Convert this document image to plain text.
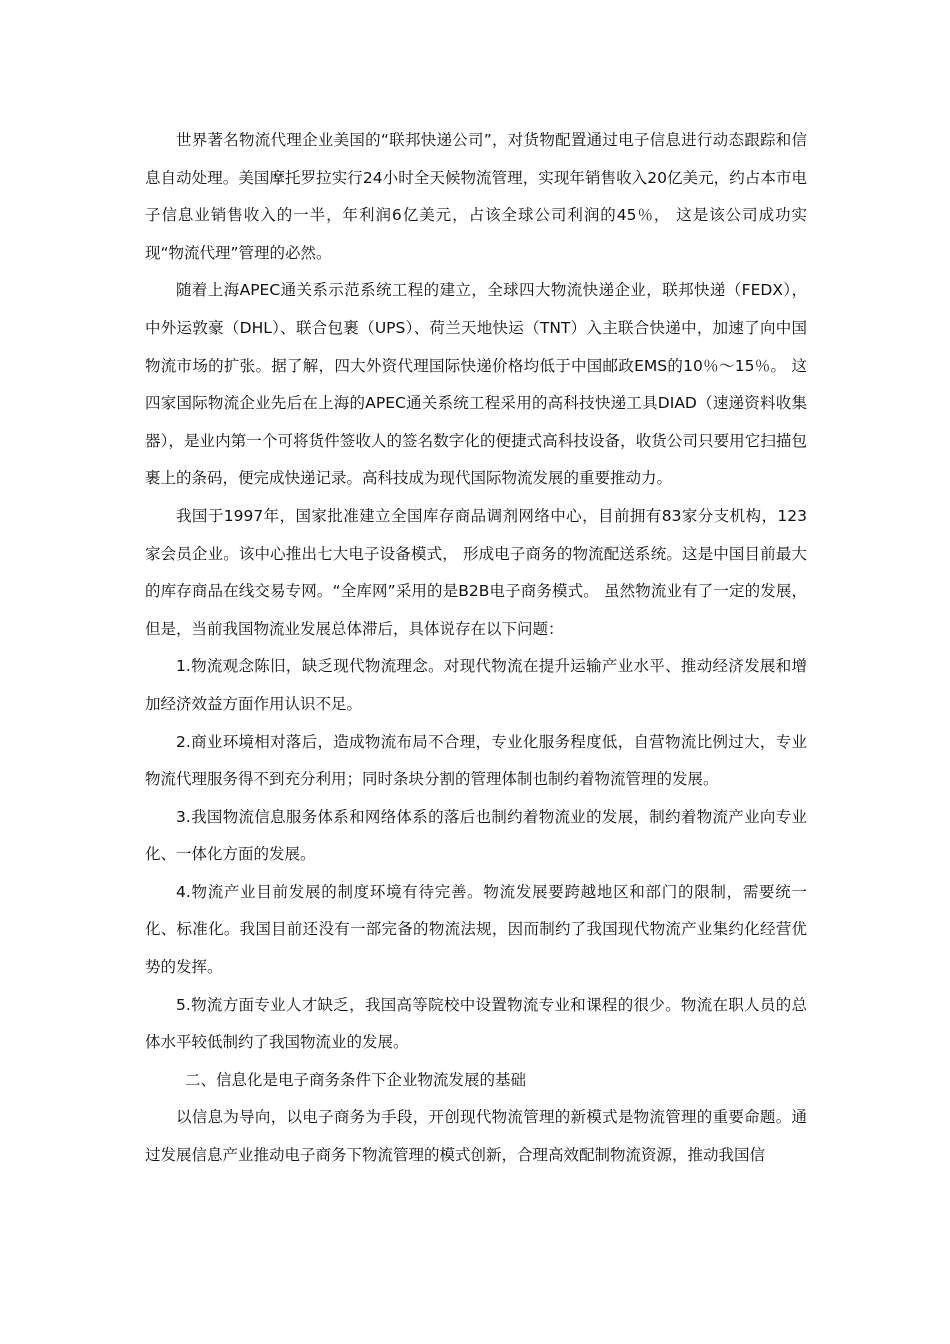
世界著名物流代理企业美国的“联邦快递公司”，对货物配置通过电子信息进行动态跟踪和信息自动处理。美国摩托罗拉实行24小时全天候物流管理，实现年销售收入20亿美元，约占本市电子信息业销售收入的一半，年利润6亿美元，占该全球公司利润的45％， 这是该公司成功实现“物流代理”管理的必然。

随着上海APEC通关系示范系统工程的建立，全球四大物流快递企业，联邦快递（FEDX），中外运敦豪（DHL）、联合包裹（UPS）、荷兰天地快运（TNT）入主联合快递中，加速了向中国物流市场的扩张。据了解，四大外资代理国际快递价格均低于中国邮政EMS的10％～15％。 这四家国际物流企业先后在上海的APEC通关系统工程采用的高科技快递工具DIAD（速递资料收集器），是业内第一个可将货件签收人的签名数字化的便捷式高科技设备，收货公司只要用它扫描包裹上的条码，便完成快递记录。高科技成为现代国际物流发展的重要推动力。

我国于1997年，国家批准建立全国库存商品调剂网络中心，目前拥有83家分支机构，123家会员企业。该中心推出七大电子设备模式， 形成电子商务的物流配送系统。这是中国目前最大的库存商品在线交易专网。“全库网”采用的是B2B电子商务模式。 虽然物流业有了一定的发展，但是，当前我国物流业发展总体滞后，具体说存在以下问题：

1.物流观念陈旧，缺乏现代物流理念。对现代物流在提升运输产业水平、推动经济发展和增加经济效益方面作用认识不足。

2.商业环境相对落后，造成物流布局不合理，专业化服务程度低，自营物流比例过大，专业物流代理服务得不到充分利用；同时条块分割的管理体制也制约着物流管理的发展。

3.我国物流信息服务体系和网络体系的落后也制约着物流业的发展，制约着物流产业向专业化、一体化方面的发展。

4.物流产业目前发展的制度环境有待完善。物流发展要跨越地区和部门的限制，需要统一化、标准化。我国目前还没有一部完备的物流法规，因而制约了我国现代物流产业集约化经营优势的发挥。

5.物流方面专业人才缺乏，我国高等院校中设置物流专业和课程的很少。物流在职人员的总体水平较低制约了我国物流业的发展。

二、信息化是电子商务条件下企业物流发展的基础

以信息为导向，以电子商务为手段，开创现代物流管理的新模式是物流管理的重要命题。通过发展信息产业推动电子商务下物流管理的模式创新，合理高效配制物流资源，推动我国信
